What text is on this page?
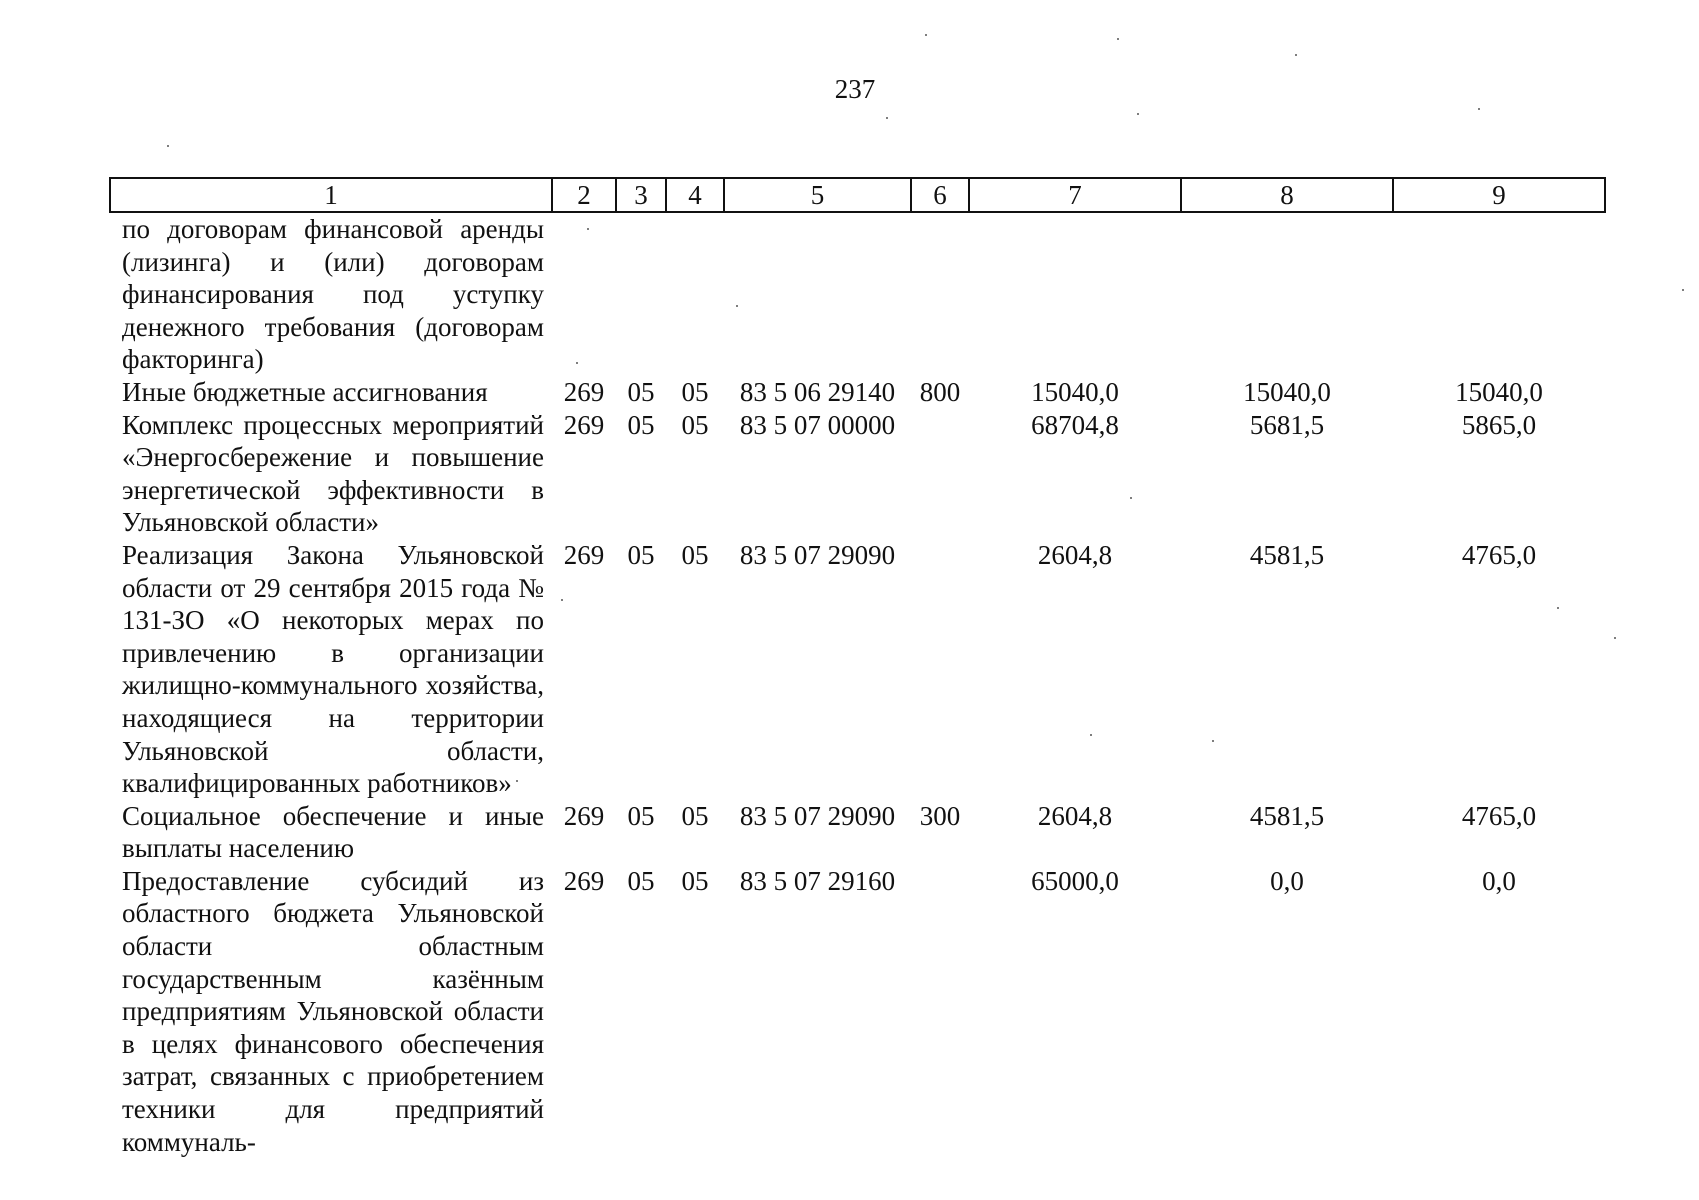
237
1	2	3	4	5	6	7	8	9
по договорам финансовой аренды (лизинга) и (или) договорам финансирования под уступку денежного требования (договорам факторинга)								
Иные бюджетные ассигнования	269	05	05	83 5 06 29140	800	15040,0	15040,0	15040,0
Комплекс процессных мероприятий «Энергосбережение и повышение энергетической эффективности в Ульяновской области»	269	05	05	83 5 07 00000		68704,8	5681,5	5865,0
Реализация Закона Ульяновской области от 29 сентября 2015 года № 131-ЗО «О некоторых мерах по привлечению в организации жилищно-коммунального хозяйства, находящиеся на территории Ульяновской области, квалифицированных работников»	269	05	05	83 5 07 29090		2604,8	4581,5	4765,0
Социальное обеспечение и иные выплаты населению	269	05	05	83 5 07 29090	300	2604,8	4581,5	4765,0
Предоставление субсидий из областного бюджета Ульяновской области областным государственным казённым предприятиям Ульяновской области в целях финансового обеспечения затрат, связанных с приобретением техники для предприятий коммуналь-	269	05	05	83 5 07 29160		65000,0	0,0	0,0
